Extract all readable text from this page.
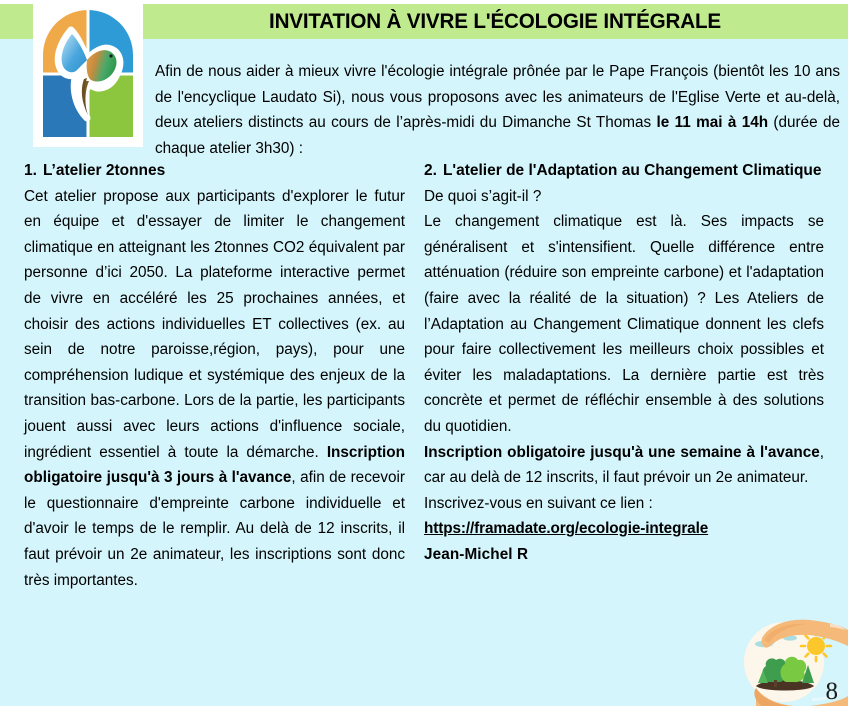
INVITATION À VIVRE L'ÉCOLOGIE INTÉGRALE

Afin de nous aider à mieux vivre l'écologie intégrale prônée par le Pape François (bientôt les 10 ans de l'encyclique Laudato Si), nous vous proposons avec les animateurs de l'Eglise Verte et au-delà, deux ateliers distincts au cours de l’après-midi du Dimanche St Thomas le 11 mai à 14h (durée de chaque atelier 3h30) :

1. L’atelier 2tonnes

Cet atelier propose aux participants d'explorer le futur en équipe et d'essayer de limiter le changement climatique en atteignant les 2tonnes CO2 équivalent par personne d’ici 2050. La plateforme interactive permet de vivre en accéléré les 25 prochaines années, et choisir des actions individuelles ET collectives (ex. au sein de notre paroisse,région, pays), pour une compréhension ludique et systémique des enjeux de la transition bas-carbone. Lors de la partie, les participants jouent aussi avec leurs actions d'influence sociale, ingrédient essentiel à toute la démarche. Inscription obligatoire jusqu'à 3 jours à l'avance, afin de recevoir le questionnaire d'empreinte carbone individuelle et d'avoir le temps de le remplir. Au delà de 12 inscrits, il faut prévoir un 2e animateur, les inscriptions sont donc très importantes.

2. L'atelier de l'Adaptation au Changement Climatique

De quoi s’agit-il ?

Le changement climatique est là. Ses impacts se généralisent et s'intensifient. Quelle différence entre atténuation (réduire son empreinte carbone) et l'adaptation (faire avec la réalité de la situation) ? Les Ateliers de l’Adaptation au Changement Climatique donnent les clefs pour faire collectivement les meilleurs choix possibles et éviter les maladaptations. La dernière partie est très concrète et permet de réfléchir ensemble à des solutions du quotidien.

Inscription obligatoire jusqu'à une semaine à l'avance, car au delà de 12 inscrits, il faut prévoir un 2e animateur.

Inscrivez-vous en suivant ce lien :

https://framadate.org/ecologie-integrale

Jean-Michel R

8
